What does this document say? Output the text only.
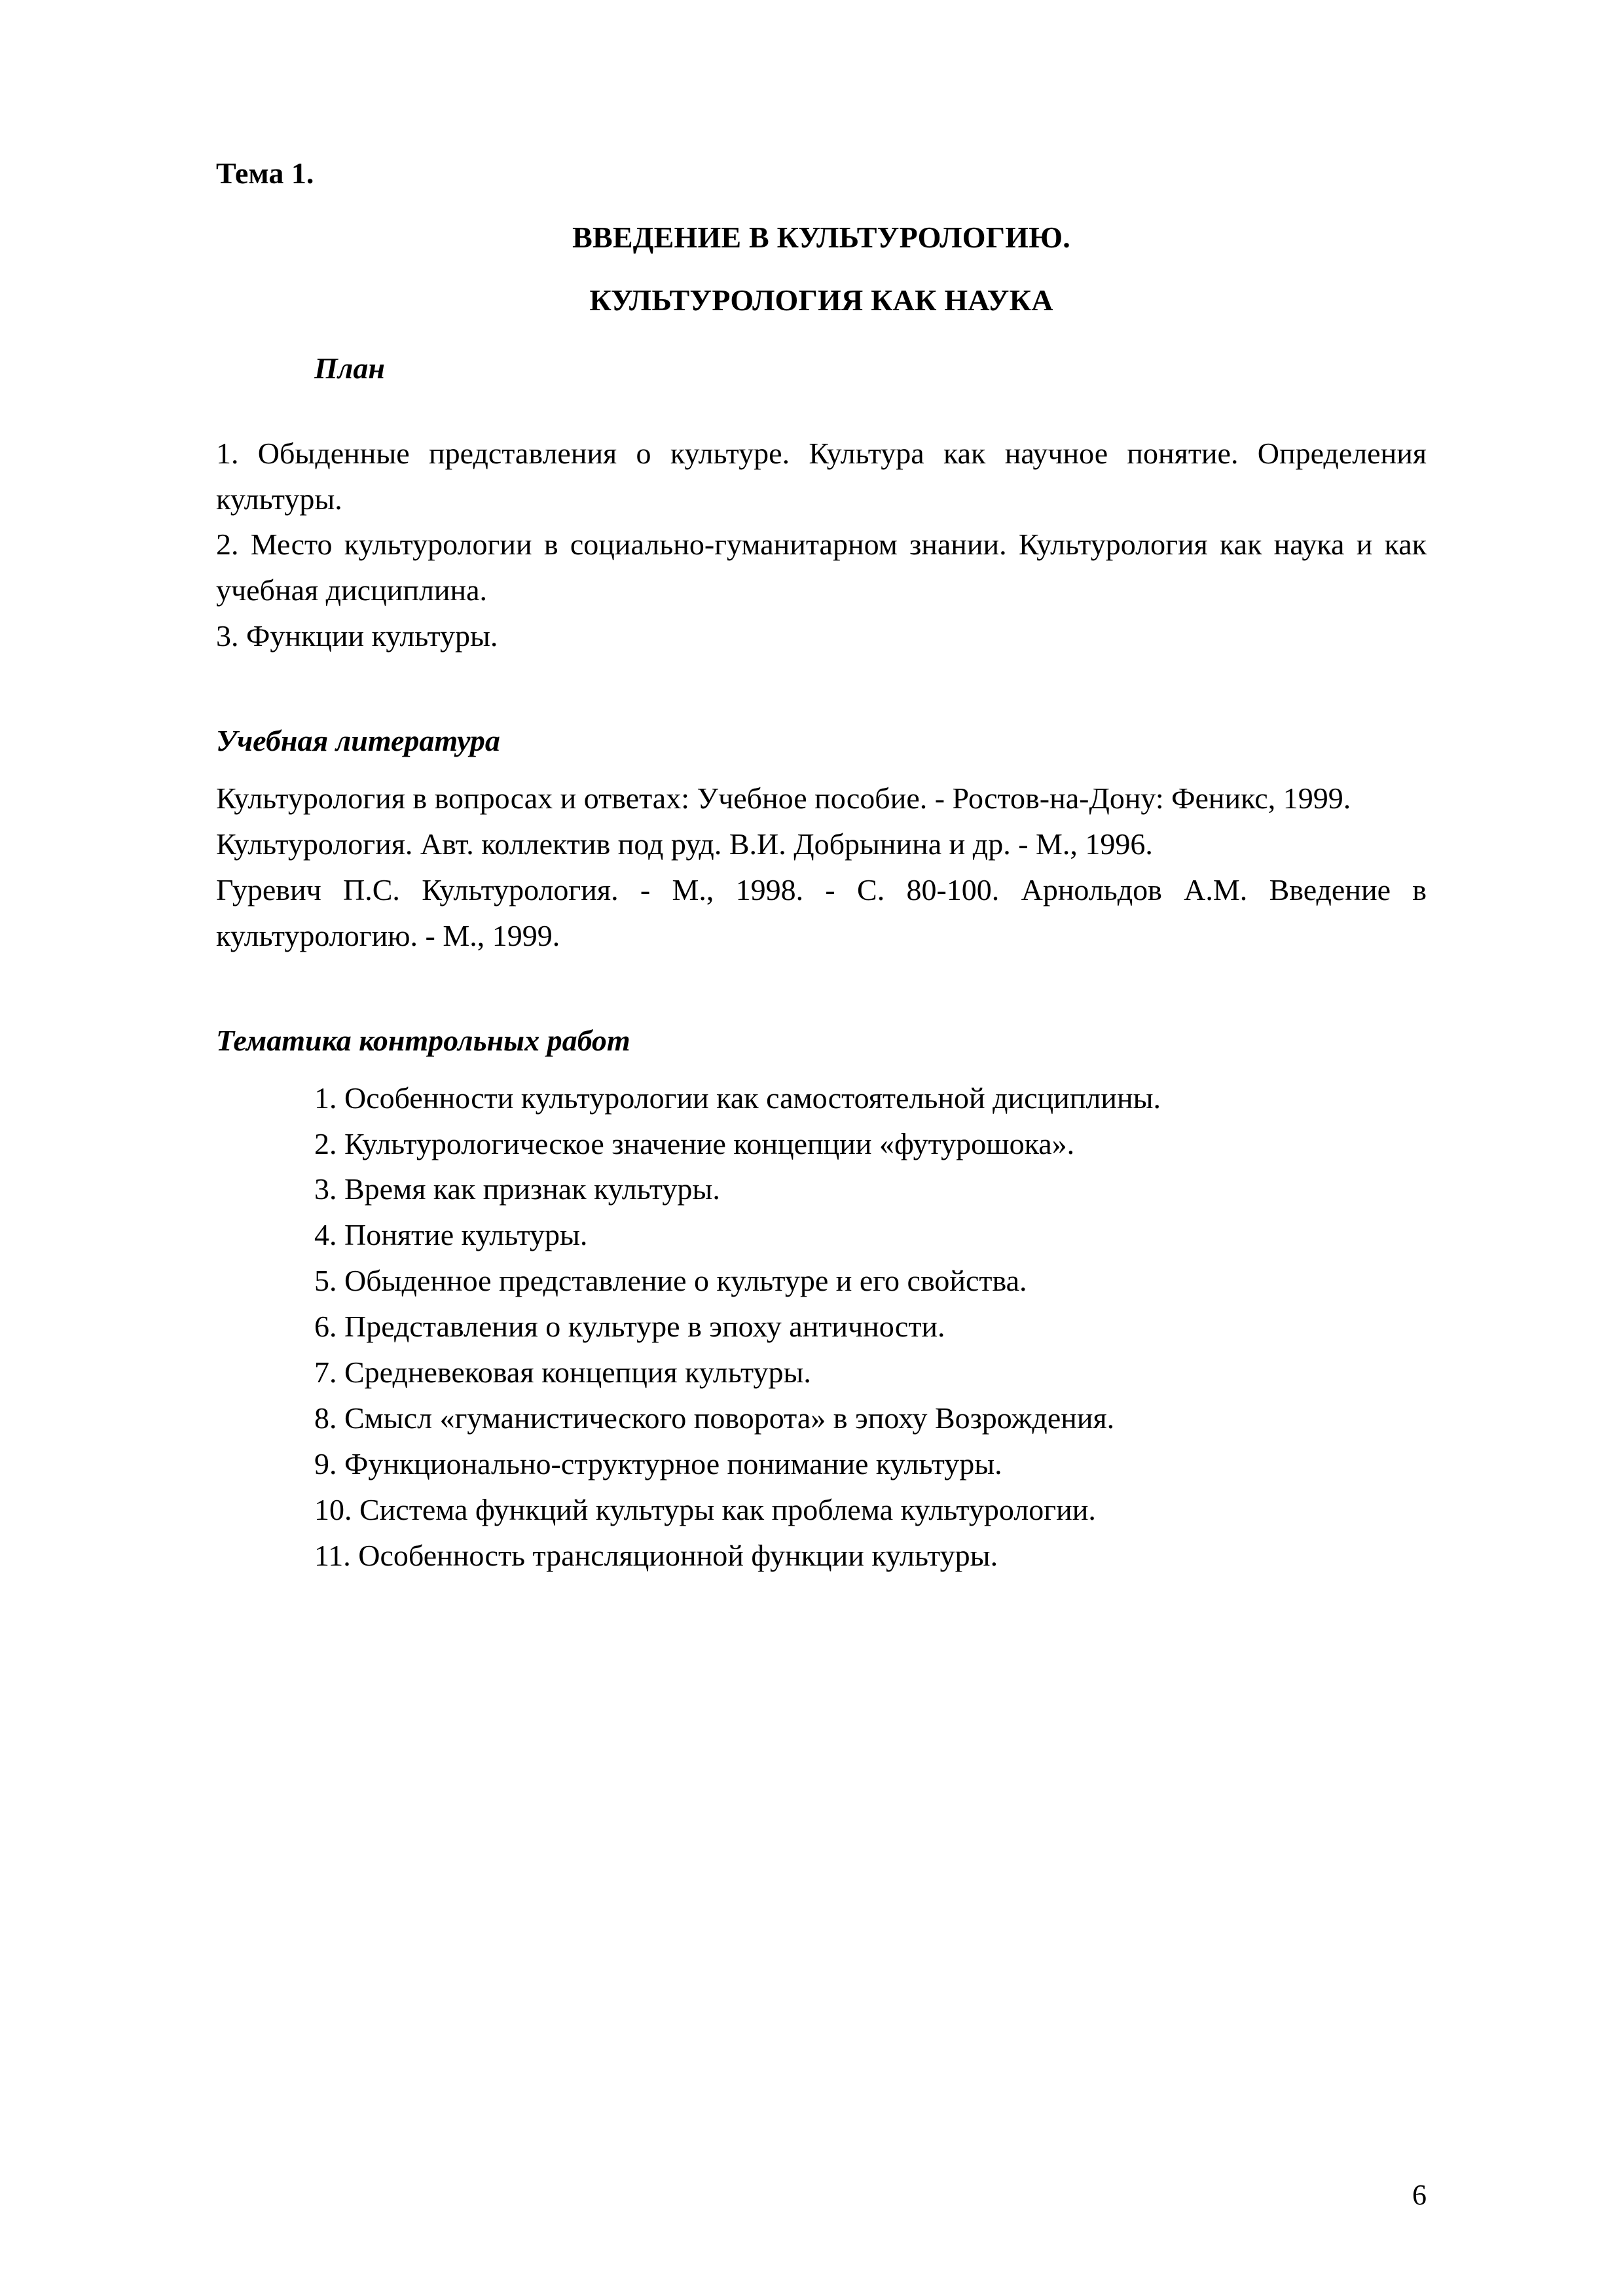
Тема 1.
ВВЕДЕНИЕ В КУЛЬТУРОЛОГИЮ.
КУЛЬТУРОЛОГИЯ КАК НАУКА
План
1. Обыденные представления о культуре. Культура как научное понятие. Определения культуры.
2. Место культурологии в социально-гуманитарном знании. Культурология как наука и как учебная дисциплина.
3. Функции культуры.
Учебная литература
Культурология в вопросах и ответах: Учебное пособие. - Ростов-на-Дону: Феникс, 1999.
Культурология. Авт. коллектив под руд. В.И. Добрынина и др. - М., 1996.
Гуревич П.С. Культурология. - М., 1998. - С. 80-100. Арнольдов А.М. Введение в культурологию. - М., 1999.
Тематика контрольных работ
1. Особенности культурологии как самостоятельной дисциплины.
2. Культурологическое значение концепции «футурошока».
3. Время как признак культуры.
4. Понятие культуры.
5. Обыденное представление о культуре и его свойства.
6. Представления о культуре в эпоху античности.
7. Средневековая концепция культуры.
8. Смысл «гуманистического поворота» в эпоху Возрождения.
9. Функционально-структурное понимание культуры.
10. Система функций культуры как проблема культурологии.
11. Особенность трансляционной функции культуры.
6
